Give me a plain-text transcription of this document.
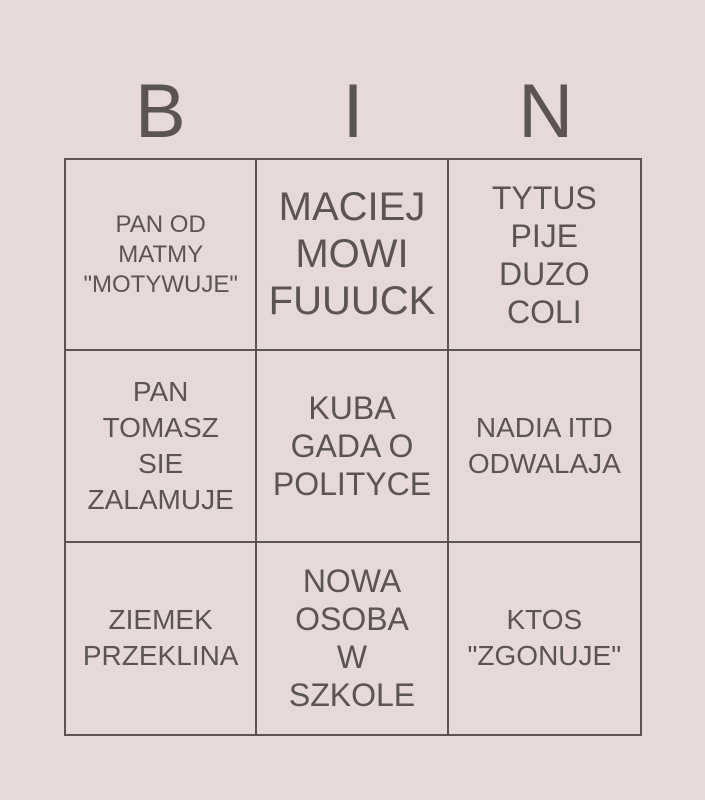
B	I	N
PAN OD
MATMY
"MOTYWUJE"
MACIEJ
MOWI
FUUUCK
TYTUS
PIJE
DUZO
COLI
PAN
TOMASZ
SIE
ZALAMUJE
KUBA
GADA O
POLITYCE
NADIA ITD
ODWALAJA
ZIEMEK
PRZEKLINA
NOWA
OSOBA
W
SZKOLE
KTOS
"ZGONUJE"
